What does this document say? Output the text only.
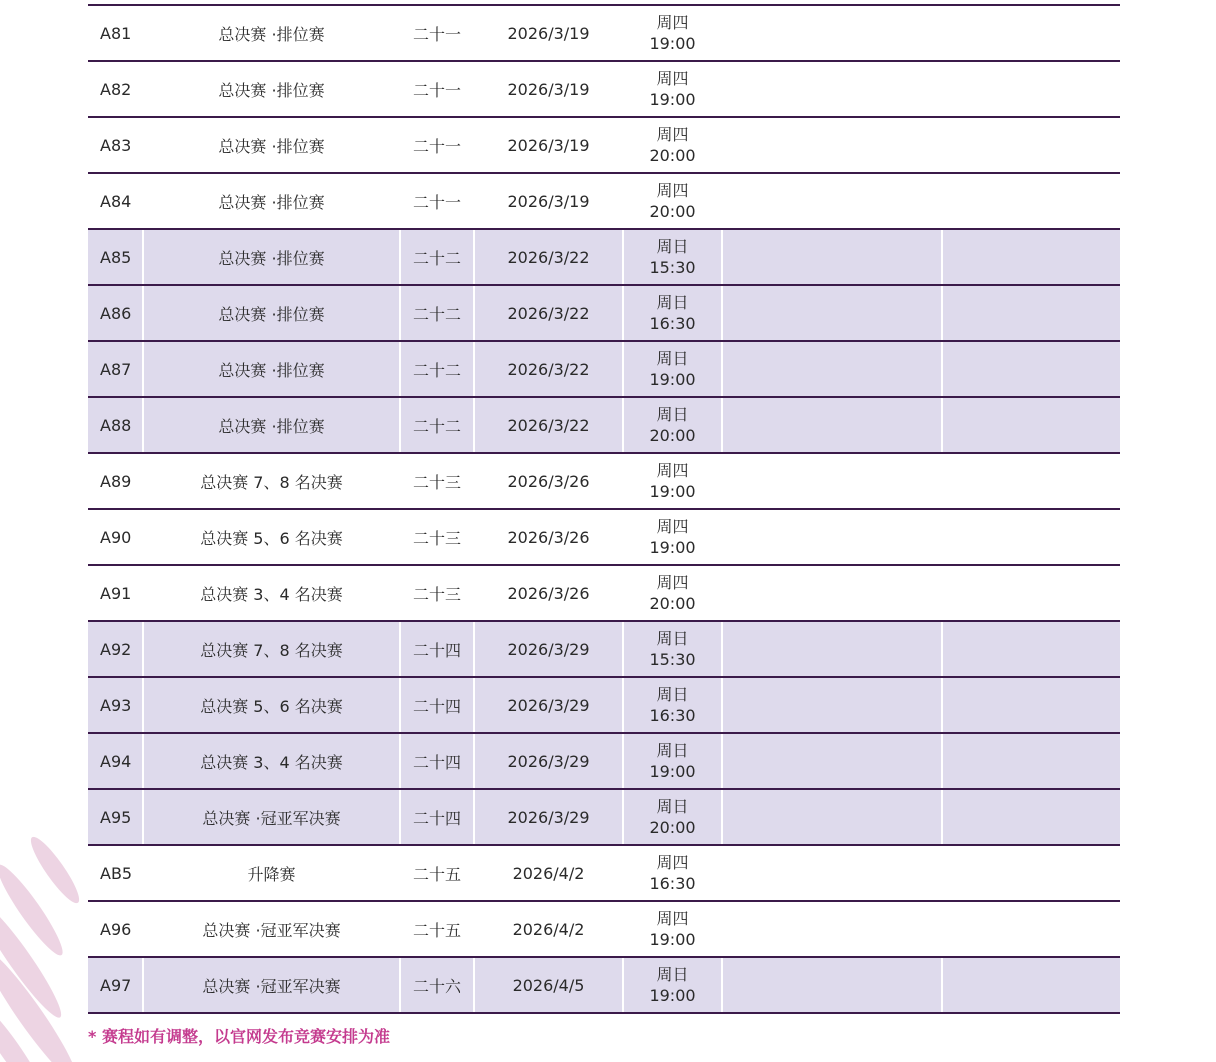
A81	总决赛 ·排位赛	二十一	2026/3/19
周四
19:00
A82	总决赛 ·排位赛	二十一	2026/3/19
周四
19:00
A83	总决赛 ·排位赛	二十一	2026/3/19
周四
20:00
A84	总决赛 ·排位赛	二十一	2026/3/19
周四
20:00
A85	总决赛 ·排位赛	二十二	2026/3/22
周日
15:30
A86	总决赛 ·排位赛	二十二	2026/3/22
周日
16:30
A87	总决赛 ·排位赛	二十二	2026/3/22
周日
19:00
A88	总决赛 ·排位赛	二十二	2026/3/22
周日
20:00
A89	总决赛 7、8 名决赛	二十三	2026/3/26
周四
19:00
A90	总决赛 5、6 名决赛	二十三	2026/3/26
周四
19:00
A91	总决赛 3、4 名决赛	二十三	2026/3/26
周四
20:00
A92	总决赛 7、8 名决赛	二十四	2026/3/29
周日
15:30
A93	总决赛 5、6 名决赛	二十四	2026/3/29
周日
16:30
A94	总决赛 3、4 名决赛	二十四	2026/3/29
周日
19:00
A95	总决赛 ·冠亚军决赛	二十四	2026/3/29
周日
20:00
AB5	升降赛	二十五	2026/4/2
周四
16:30
A96	总决赛 ·冠亚军决赛	二十五	2026/4/2
周四
19:00
A97	总决赛 ·冠亚军决赛	二十六	2026/4/5
周日
19:00
* 赛程如有调整，以官网发布竞赛安排为准
